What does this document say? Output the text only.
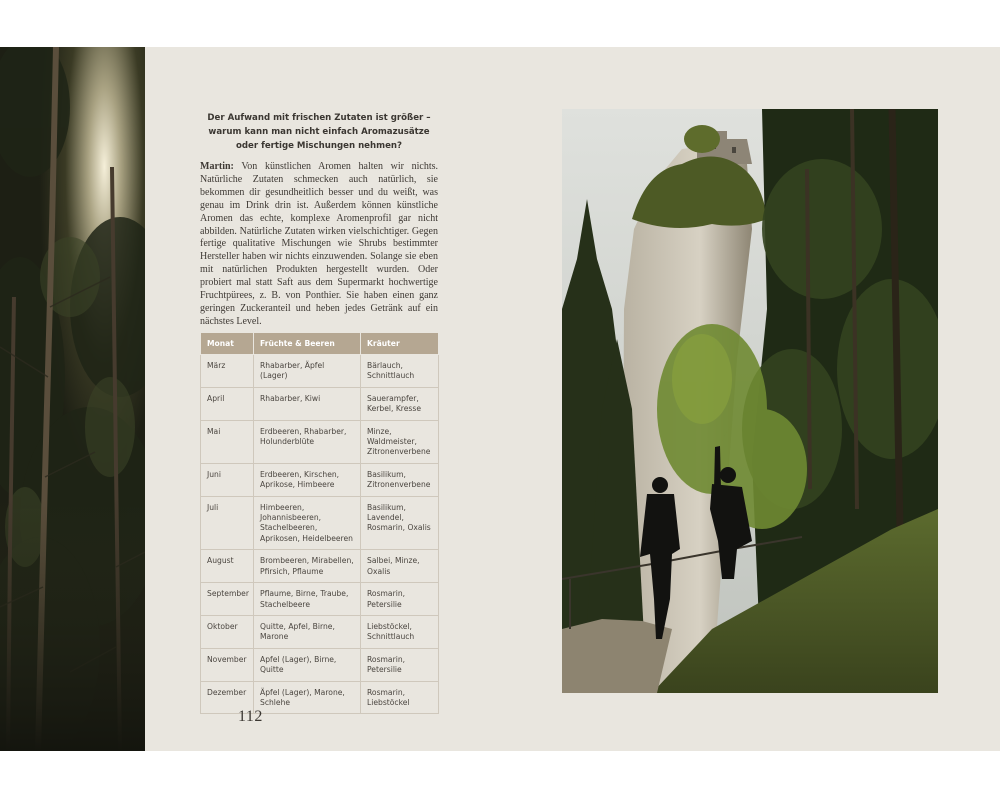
Der Aufwand mit frischen Zutaten ist größer – warum kann man nicht einfach Aromazusätze oder fertige Mischungen nehmen?
Martin: Von künstlichen Aromen halten wir nichts. Natürliche Zutaten schmecken auch natürlich, sie bekommen dir gesundheitlich besser und du weißt, was genau im Drink drin ist. Außerdem können künstliche Aromen das echte, komplexe Aromenprofil gar nicht abbilden. Natürliche Zutaten wirken vielschichtiger. Gegen fertige qualitative Mischungen wie Shrubs bestimmter Hersteller haben wir nichts einzuwenden. Solange sie eben mit natürlichen Produkten hergestellt wurden. Oder probiert mal statt Saft aus dem Supermarkt hochwertige Fruchtpürees, z. B. von Ponthier. Sie haben einen ganz geringen Zuckeranteil und heben jedes Getränk auf ein nächstes Level.
Monat	Früchte & Beeren	Kräuter
März	Rhabarber, Äpfel (Lager)	Bärlauch, Schnittlauch
April	Rhabarber, Kiwi	Sauerampfer, Kerbel, Kresse
Mai	Erdbeeren, Rhabarber, Holunderblüte	Minze, Waldmeister, Zitronenverbene
Juni	Erdbeeren, Kirschen, Aprikose, Himbeere	Basilikum, Zitronenverbene
Juli	Himbeeren, Johannisbeeren, Stachelbeeren, Aprikosen, Heidelbeeren	Basilikum, Lavendel, Rosmarin, Oxalis
August	Brombeeren, Mirabellen, Pfirsich, Pflaume	Salbei, Minze, Oxalis
September	Pflaume, Birne, Traube, Stachelbeere	Rosmarin, Petersilie
Oktober	Quitte, Apfel, Birne, Marone	Liebstöckel, Schnittlauch
November	Apfel (Lager), Birne, Quitte	Rosmarin, Petersilie
Dezember	Äpfel (Lager), Marone, Schlehe	Rosmarin, Liebstöckel
112
